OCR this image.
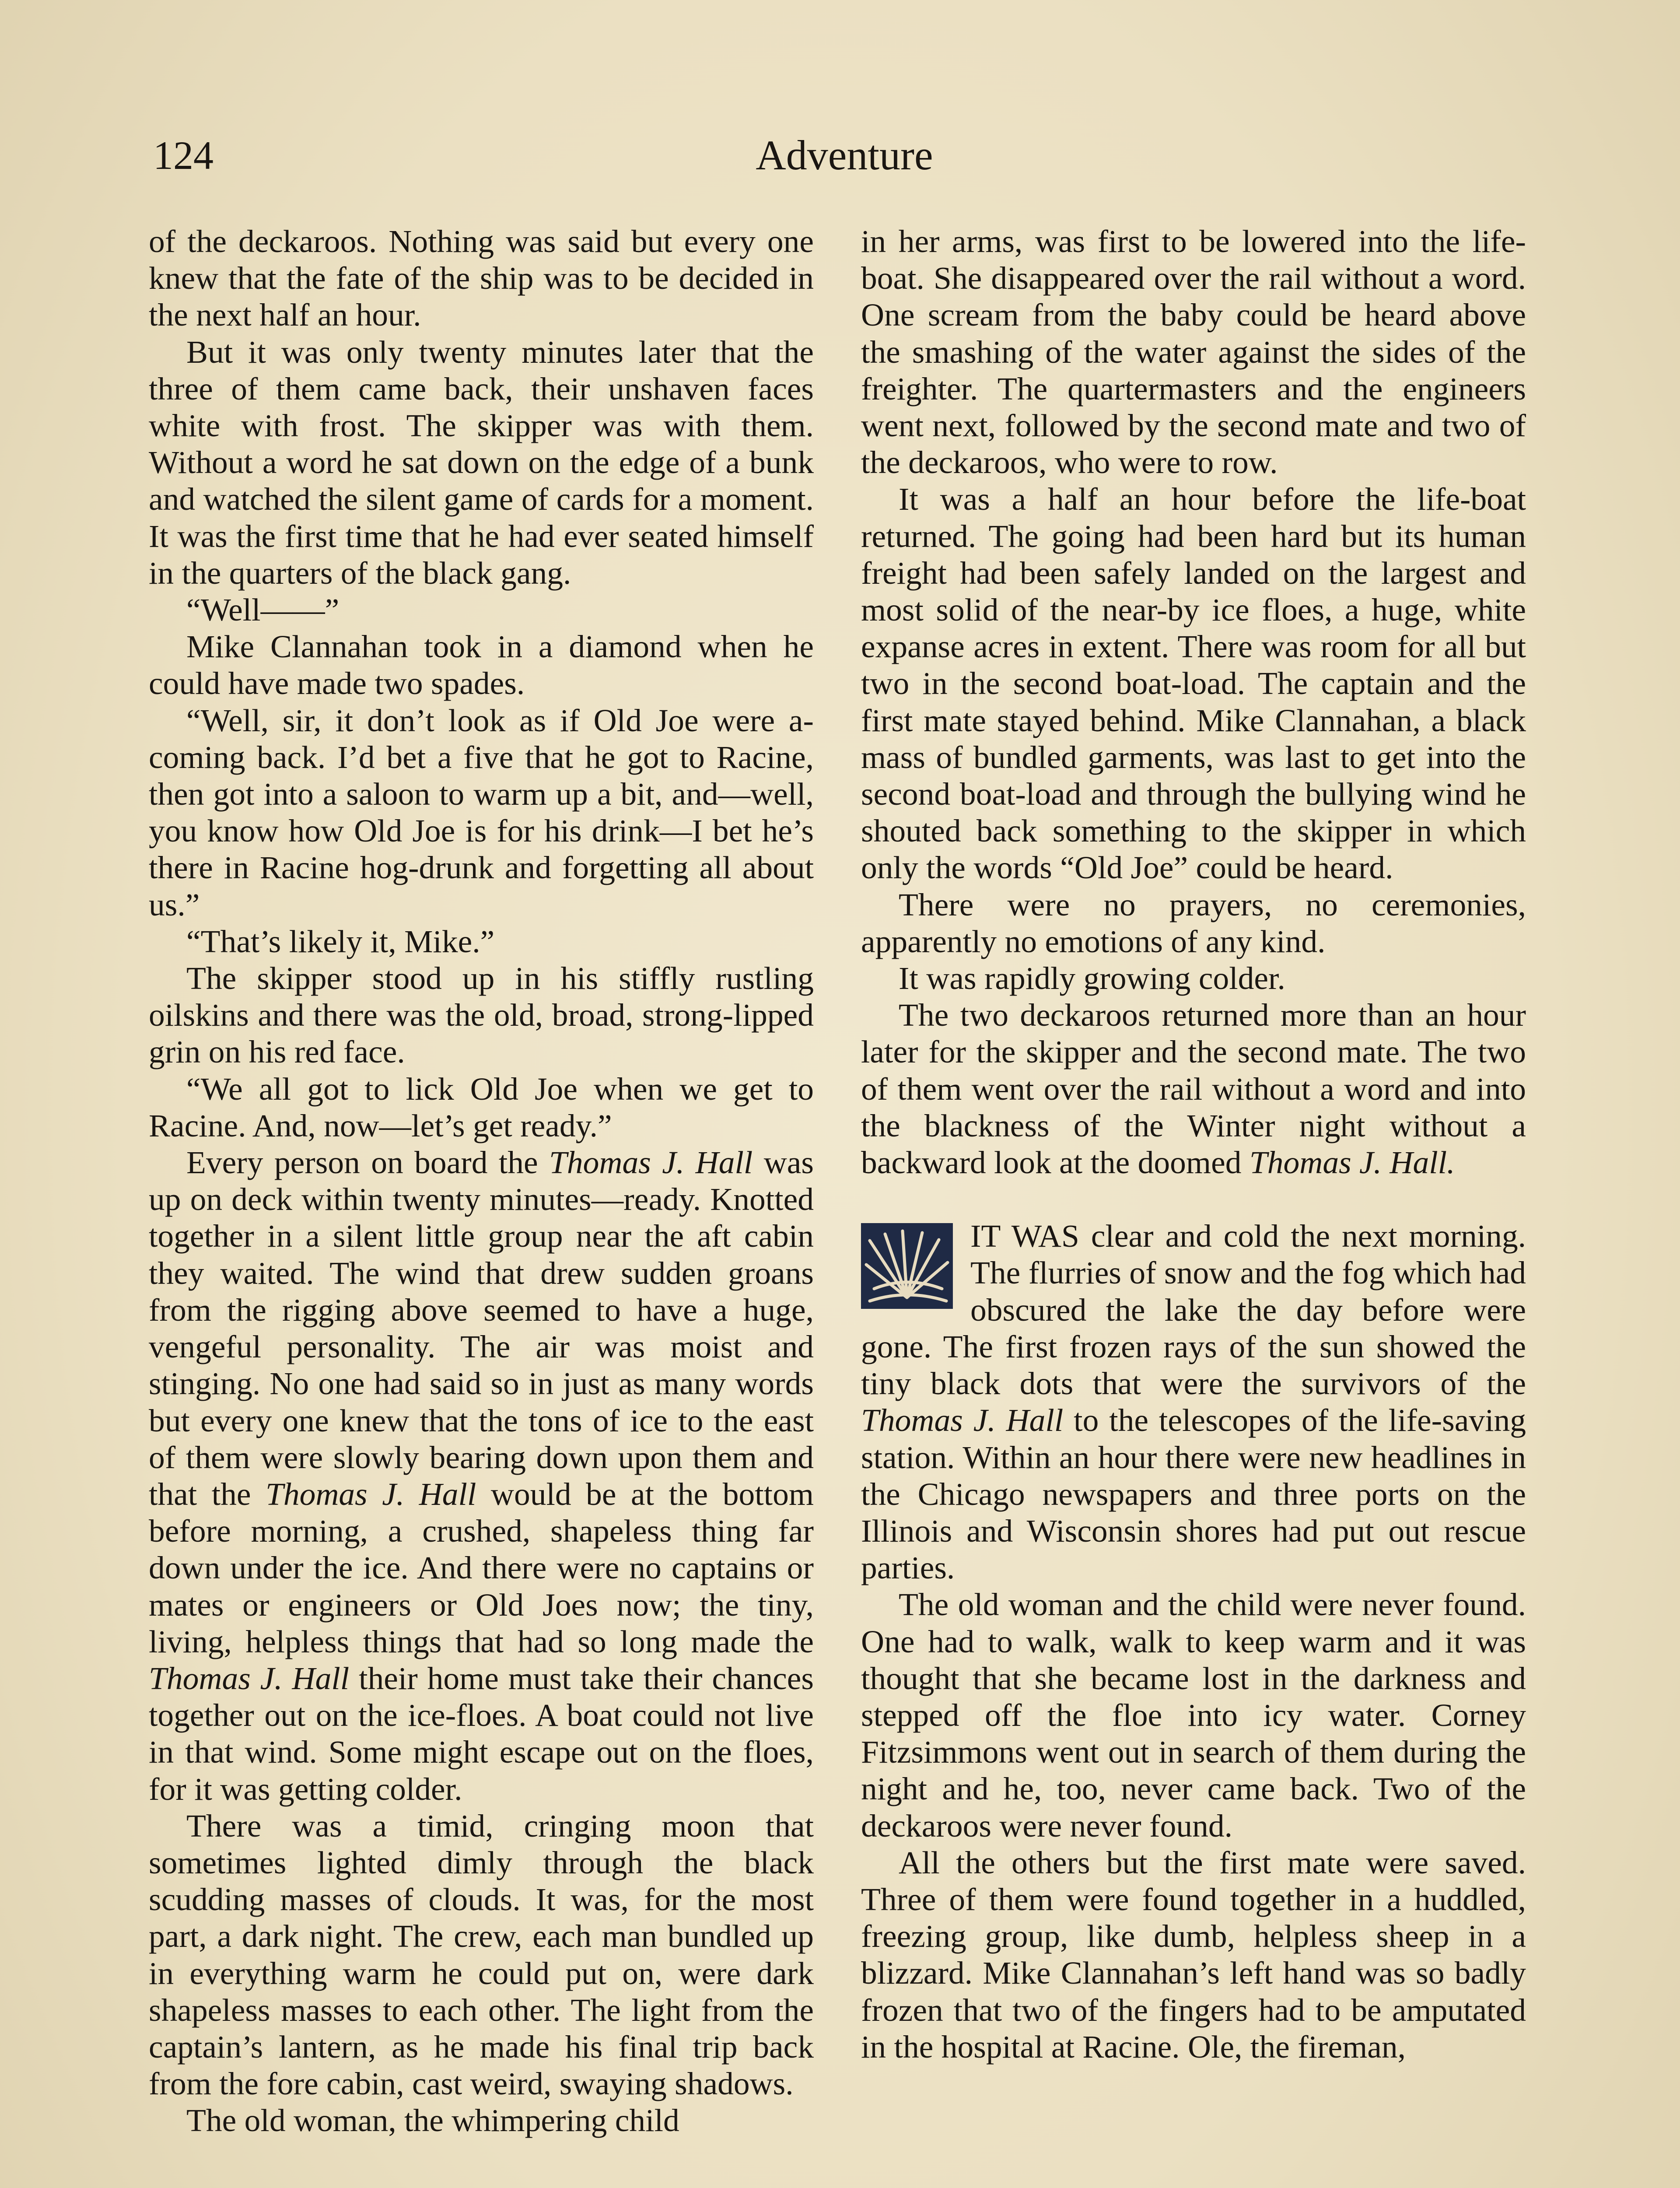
124	Adventure

of the deckaroos. Nothing was said but every one knew that the fate of the ship was to be decided in the next half an hour.

But it was only twenty minutes later that the three of them came back, their unshaven faces white with frost. The skipper was with them. Without a word he sat down on the edge of a bunk and watched the silent game of cards for a moment. It was the first time that he had ever seated himself in the quarters of the black gang.

“Well——”

Mike Clannahan took in a diamond when he could have made two spades.

“Well, sir, it don’t look as if Old Joe were a-coming back. I’d bet a five that he got to Racine, then got into a saloon to warm up a bit, and—well, you know how Old Joe is for his drink—I bet he’s there in Racine hog-drunk and forgetting all about us.”

“That’s likely it, Mike.”

The skipper stood up in his stiffly rustling oilskins and there was the old, broad, strong-lipped grin on his red face.

“We all got to lick Old Joe when we get to Racine. And, now—let’s get ready.”

Every person on board the Thomas J. Hall was up on deck within twenty minutes—ready. Knotted together in a silent little group near the aft cabin they waited. The wind that drew sudden groans from the rigging above seemed to have a huge, vengeful personality. The air was moist and stinging. No one had said so in just as many words but every one knew that the tons of ice to the east of them were slowly bearing down upon them and that the Thomas J. Hall would be at the bottom before morning, a crushed, shapeless thing far down under the ice. And there were no captains or mates or engineers or Old Joes now; the tiny, living, helpless things that had so long made the Thomas J. Hall their home must take their chances together out on the ice-floes. A boat could not live in that wind. Some might escape out on the floes, for it was getting colder.

There was a timid, cringing moon that sometimes lighted dimly through the black scudding masses of clouds. It was, for the most part, a dark night. The crew, each man bundled up in everything warm he could put on, were dark shapeless masses to each other. The light from the captain’s lantern, as he made his final trip back from the fore cabin, cast weird, swaying shadows.

The old woman, the whimpering child

in her arms, was first to be lowered into the life-boat. She disappeared over the rail without a word. One scream from the baby could be heard above the smashing of the water against the sides of the freighter. The quartermasters and the engineers went next, followed by the second mate and two of the deckaroos, who were to row.

It was a half an hour before the life-boat returned. The going had been hard but its human freight had been safely landed on the largest and most solid of the near-by ice floes, a huge, white expanse acres in extent. There was room for all but two in the second boat-load. The captain and the first mate stayed behind. Mike Clannahan, a black mass of bundled garments, was last to get into the second boat-load and through the bullying wind he shouted back something to the skipper in which only the words “Old Joe” could be heard.

There were no prayers, no ceremonies, apparently no emotions of any kind.

It was rapidly growing colder.

The two deckaroos returned more than an hour later for the skipper and the second mate. The two of them went over the rail without a word and into the blackness of the Winter night without a backward look at the doomed Thomas J. Hall.

IT WAS clear and cold the next morning. The flurries of snow and the fog which had obscured the lake the day before were gone. The first frozen rays of the sun showed the tiny black dots that were the survivors of the Thomas J. Hall to the telescopes of the life-saving station. Within an hour there were new headlines in the Chicago newspapers and three ports on the Illinois and Wisconsin shores had put out rescue parties.

The old woman and the child were never found. One had to walk, walk to keep warm and it was thought that she became lost in the darkness and stepped off the floe into icy water. Corney Fitzsimmons went out in search of them during the night and he, too, never came back. Two of the deckaroos were never found.

All the others but the first mate were saved. Three of them were found together in a huddled, freezing group, like dumb, helpless sheep in a blizzard. Mike Clannahan’s left hand was so badly frozen that two of the fingers had to be amputated in the hospital at Racine. Ole, the fireman,
